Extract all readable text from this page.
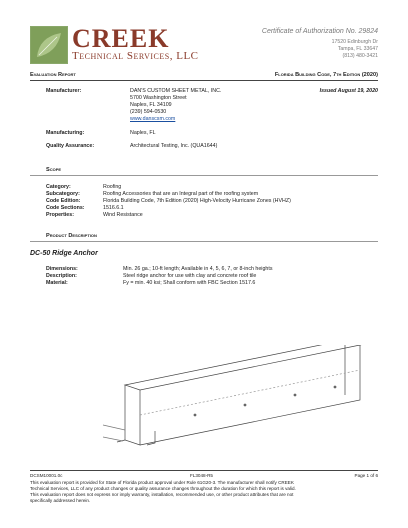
CREEK
Technical Services, LLC
Certificate of Authorization No. 29824
17520 Edinburgh Dr
Tampa, FL 33647
(813) 480-3421
Evaluation Report	Florida Building Code, 7th Edition (2020)
Manufacturer:	DAN'S CUSTOM SHEET METAL, INC.
5700 Washington Street
Naples, FL 34109
(239) 594-0530
www.danscsm.com
Issued August 19, 2020
Manufacturing:	Naples, FL
Quality Assurance:	Architectural Testing, Inc. (QUA1644)
Scope
Category:	Roofing
Subcategory:	Roofing Accessories that are an Integral part of the roofing system
Code Edition:	Florida Building Code, 7th Edition (2020) High-Velocity Hurricane Zones (HVHZ)
Code Sections:	1516.6.1
Properties:	Wind Resistance
Product Description
DC-50 Ridge Anchor
Dimensions:	Min. 26 ga.; 10-ft length; Available in 4, 5, 6, 7, or 8-inch heights
Description:	Steel ridge anchor for use with clay and concrete roof tile
Material:	Fy = min. 40 ksi; Shall conform with FBC Section 1517.6
DCSM10001.0c	FL3048-R5	Page 1 of 6
This evaluation report is provided for State of Florida product approval under Rule 61G20-3. The manufacturer shall notify CREEK
Technical Services, LLC of any product changes or quality assurance changes throughout the duration for which this report is valid.
This evaluation report does not express nor imply warranty, installation, recommended use, or other product attributes that are not
specifically addressed herein.
